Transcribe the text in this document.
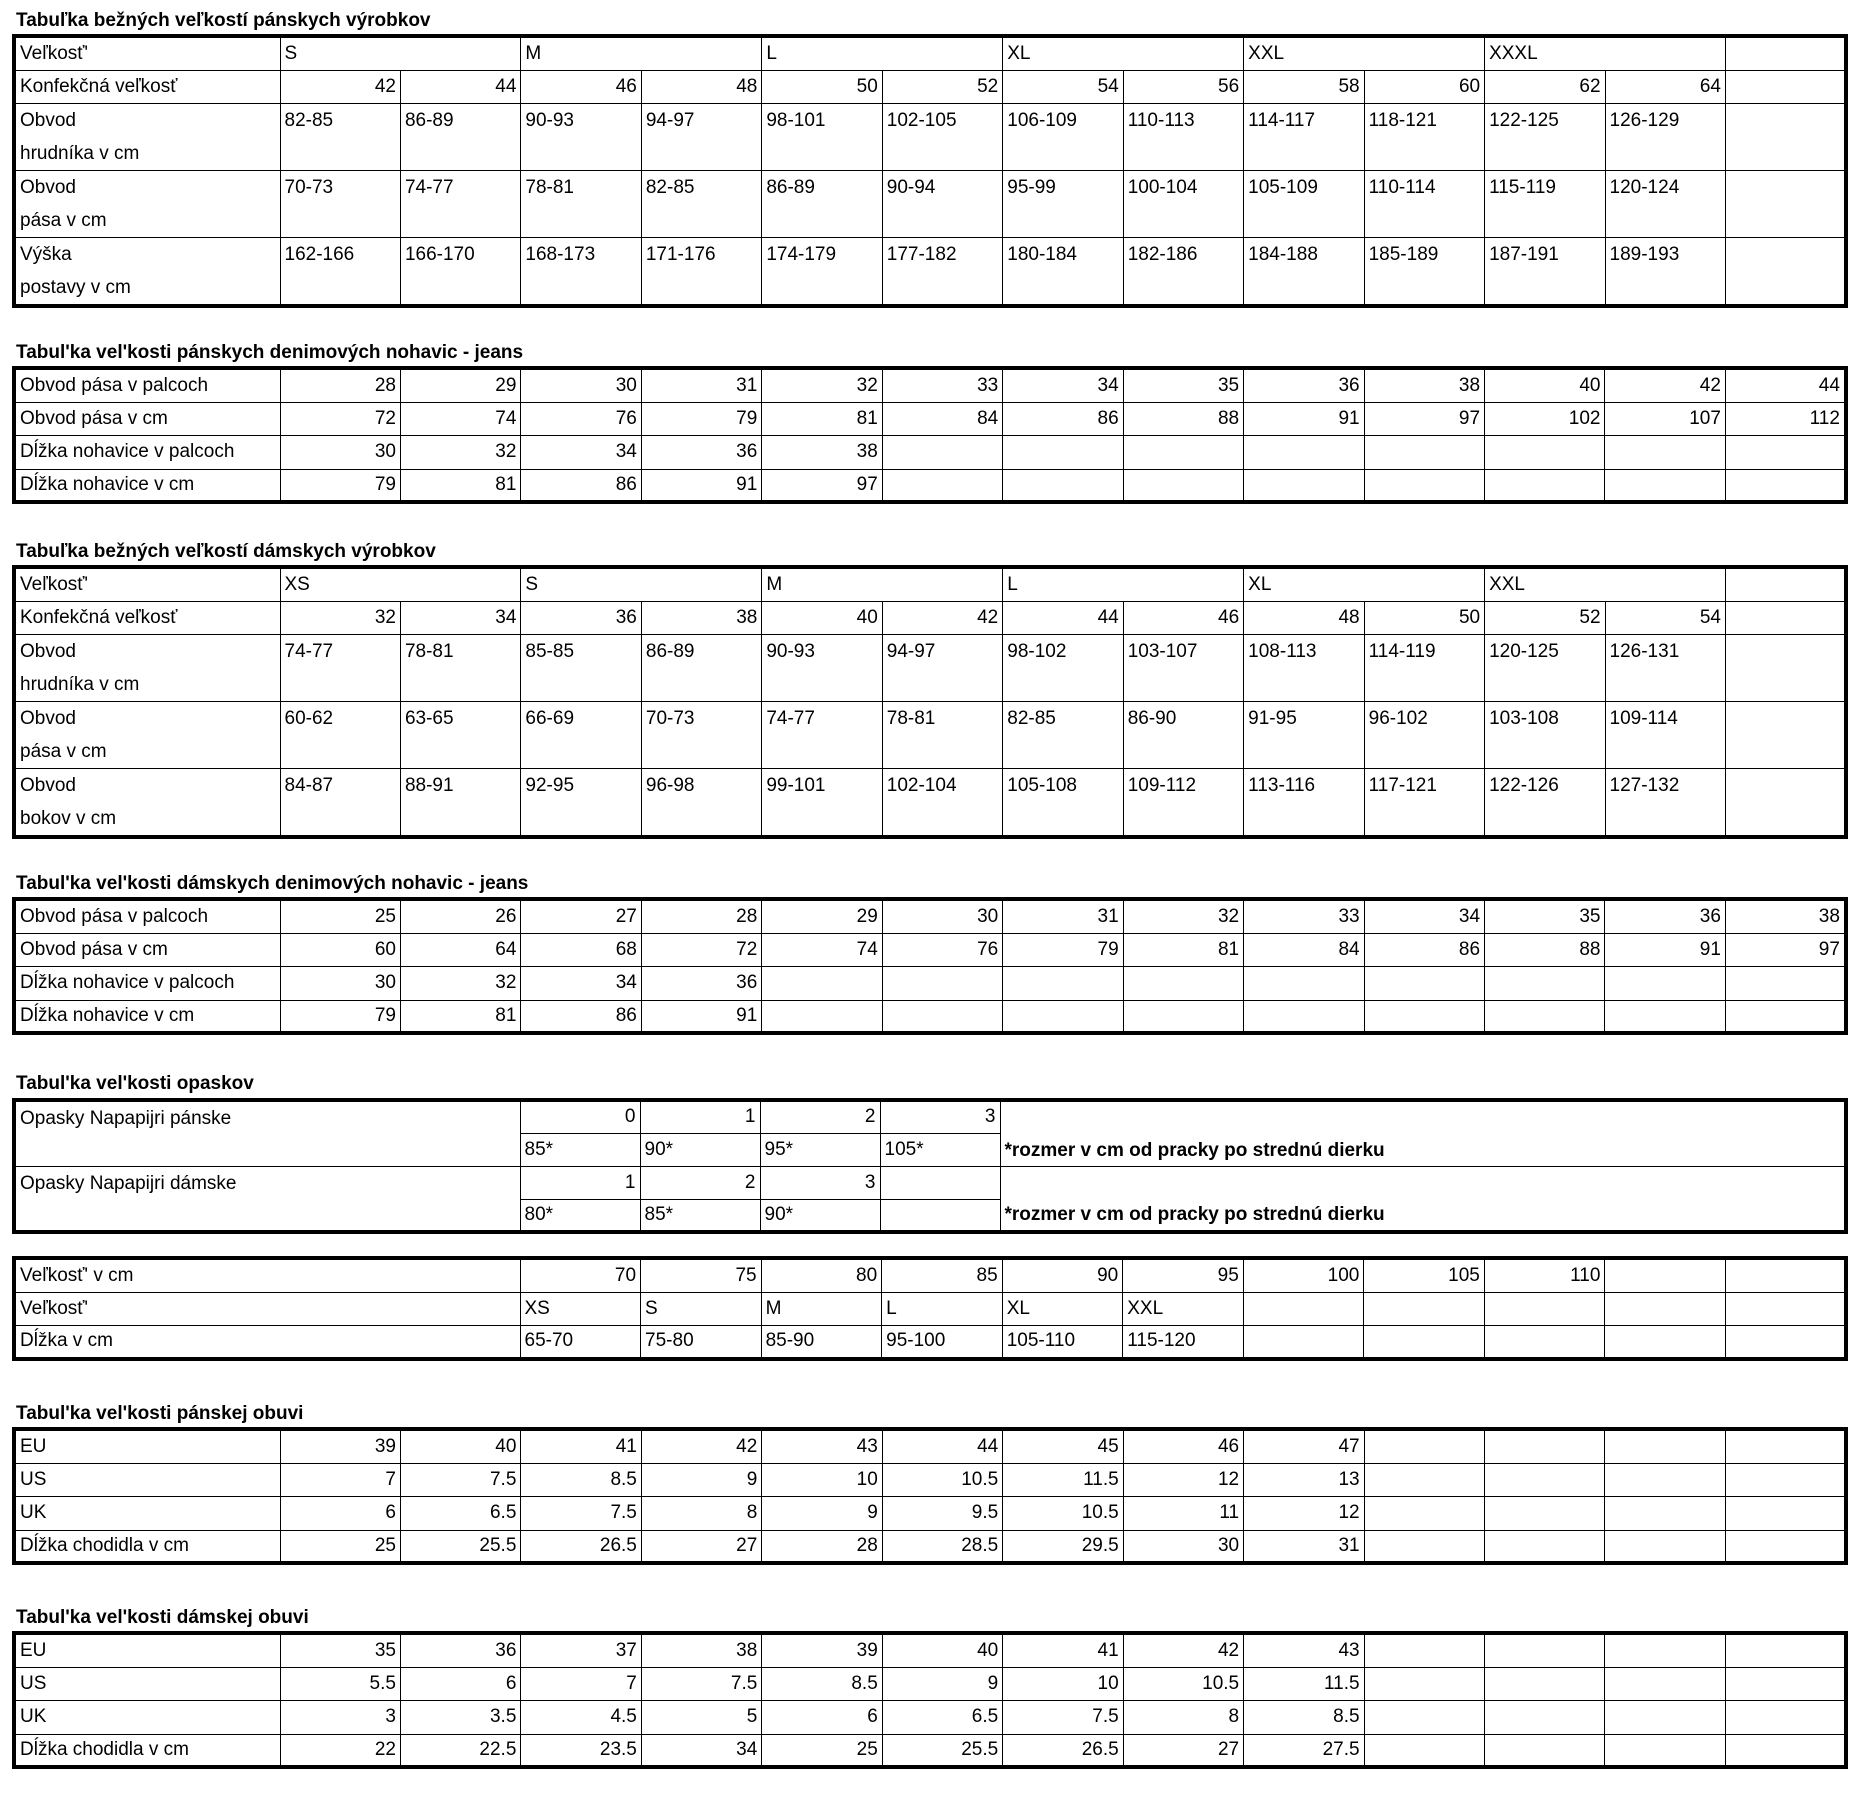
Tabuľka bežných veľkostí pánskych výrobkov
Veľkosť'	S		M		L		XL		XXL		XXXL		
Konfekčná veľkosť	42	44	46	48	50	52	54	56	58	60	62	64	
Obvod
hrudníka v cm	82-85	86-89	90-93	94-97	98-101	102-105	106-109	110-113	114-117	118-121	122-125	126-129	
Obvod
pása v cm	70-73	74-77	78-81	82-85	86-89	90-94	95-99	100-104	105-109	110-114	115-119	120-124	
Výška
postavy v cm	162-166	166-170	168-173	171-176	174-179	177-182	180-184	182-186	184-188	185-189	187-191	189-193	
Tabul'ka vel'kosti pánskych denimových nohavic - jeans
Obvod pása v palcoch	28	29	30	31	32	33	34	35	36	38	40	42	44
Obvod pása v cm	72	74	76	79	81	84	86	88	91	97	102	107	112
Dĺžka nohavice v palcoch	30	32	34	36	38								
Dĺžka nohavice v cm	79	81	86	91	97								
Tabuľka bežných veľkostí dámskych výrobkov
Veľkosť'	XS		S		M		L		XL		XXL		
Konfekčná veľkosť	32	34	36	38	40	42	44	46	48	50	52	54	
Obvod
hrudníka v cm	74-77	78-81	85-85	86-89	90-93	94-97	98-102	103-107	108-113	114-119	120-125	126-131	
Obvod
pása v cm	60-62	63-65	66-69	70-73	74-77	78-81	82-85	86-90	91-95	96-102	103-108	109-114	
Obvod
bokov v cm	84-87	88-91	92-95	96-98	99-101	102-104	105-108	109-112	113-116	117-121	122-126	127-132	
Tabul'ka vel'kosti dámskych denimových nohavic - jeans
Obvod pása v palcoch	25	26	27	28	29	30	31	32	33	34	35	36	38
Obvod pása v cm	60	64	68	72	74	76	79	81	84	86	88	91	97
Dĺžka nohavice v palcoch	30	32	34	36									
Dĺžka nohavice v cm	79	81	86	91									
Tabul'ka vel'kosti opaskov
Opasky Napapijri pánske	0	1	2	3	*rozmer v cm od pracky po strednú dierku
	85*	90*	95*	105*	
Opasky Napapijri dámske	1	2	3		*rozmer v cm od pracky po strednú dierku
	80*	85*	90*		
Veľkosť' v cm	70	75	80	85	90	95	100	105	110		
Veľkosť'	XS	S	M	L	XL	XXL					
Dĺžka v cm	65-70	75-80	85-90	95-100	105-110	115-120					
Tabul'ka vel'kosti pánskej obuvi
EU	39	40	41	42	43	44	45	46	47				
US	7	7.5	8.5	9	10	10.5	11.5	12	13				
UK	6	6.5	7.5	8	9	9.5	10.5	11	12				
Dĺžka chodidla v cm	25	25.5	26.5	27	28	28.5	29.5	30	31				
Tabul'ka vel'kosti dámskej obuvi
EU	35	36	37	38	39	40	41	42	43				
US	5.5	6	7	7.5	8.5	9	10	10.5	11.5				
UK	3	3.5	4.5	5	6	6.5	7.5	8	8.5				
Dĺžka chodidla v cm	22	22.5	23.5	34	25	25.5	26.5	27	27.5				
